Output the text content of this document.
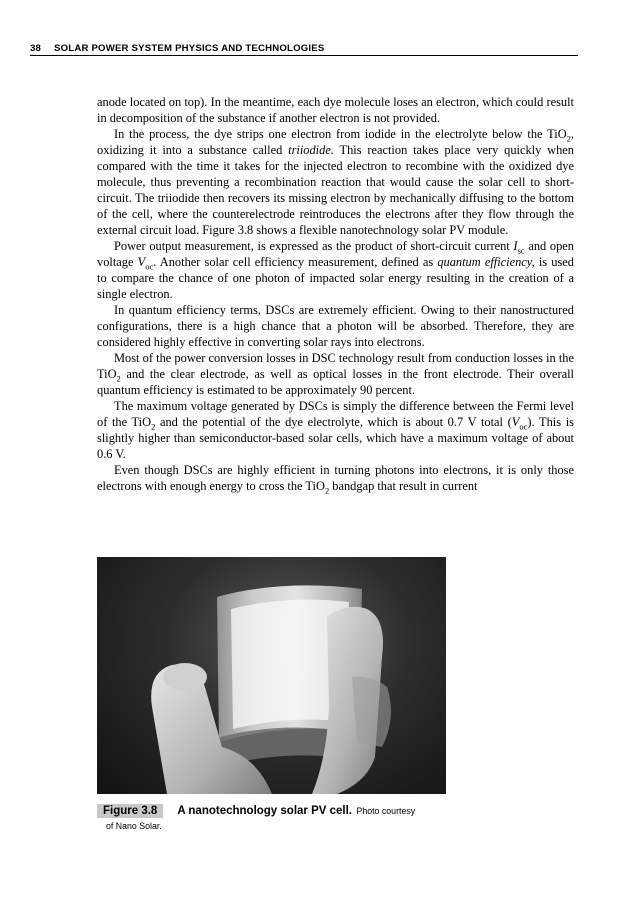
38 SOLAR POWER SYSTEM PHYSICS AND TECHNOLOGIES

anode located on top). In the meantime, each dye molecule loses an electron, which could result in decomposition of the substance if another electron is not provided.

In the process, the dye strips one electron from iodide in the electrolyte below the TiO$_2$, oxidizing it into a substance called triiodide. This reaction takes place very quickly when compared with the time it takes for the injected electron to recombine with the oxidized dye molecule, thus preventing a recombination reaction that would cause the solar cell to short-circuit. The triiodide then recovers its missing electron by mechanically diffusing to the bottom of the cell, where the counterelectrode reintroduces the electrons after they flow through the external circuit load. Figure 3.8 shows a flexible nanotechnology solar PV module.

Power output measurement, is expressed as the product of short-circuit current $I_{sc}$ and open voltage $V_{oc}$. Another solar cell efficiency measurement, defined as quantum efficiency, is used to compare the chance of one photon of impacted solar energy resulting in the creation of a single electron.

In quantum efficiency terms, DSCs are extremely efficient. Owing to their nanostructured configurations, there is a high chance that a photon will be absorbed. Therefore, they are considered highly effective in converting solar rays into electrons.

Most of the power conversion losses in DSC technology result from conduction losses in the TiO$_2$ and the clear electrode, as well as optical losses in the front electrode. Their overall quantum efficiency is estimated to be approximately 90 percent.

The maximum voltage generated by DSCs is simply the difference between the Fermi level of the TiO$_2$ and the potential of the dye electrolyte, which is about 0.7 V total $(V_{oc})$. This is slightly higher than semiconductor-based solar cells, which have a maximum voltage of about 0.6 V.

Even though DSCs are highly efficient in turning photons into electrons, it is only those electrons with enough energy to cross the TiO$_2$ bandgap that result in current

Figure 3.8 A nanotechnology solar PV cell. Photo courtesy
of Nano Solar.
